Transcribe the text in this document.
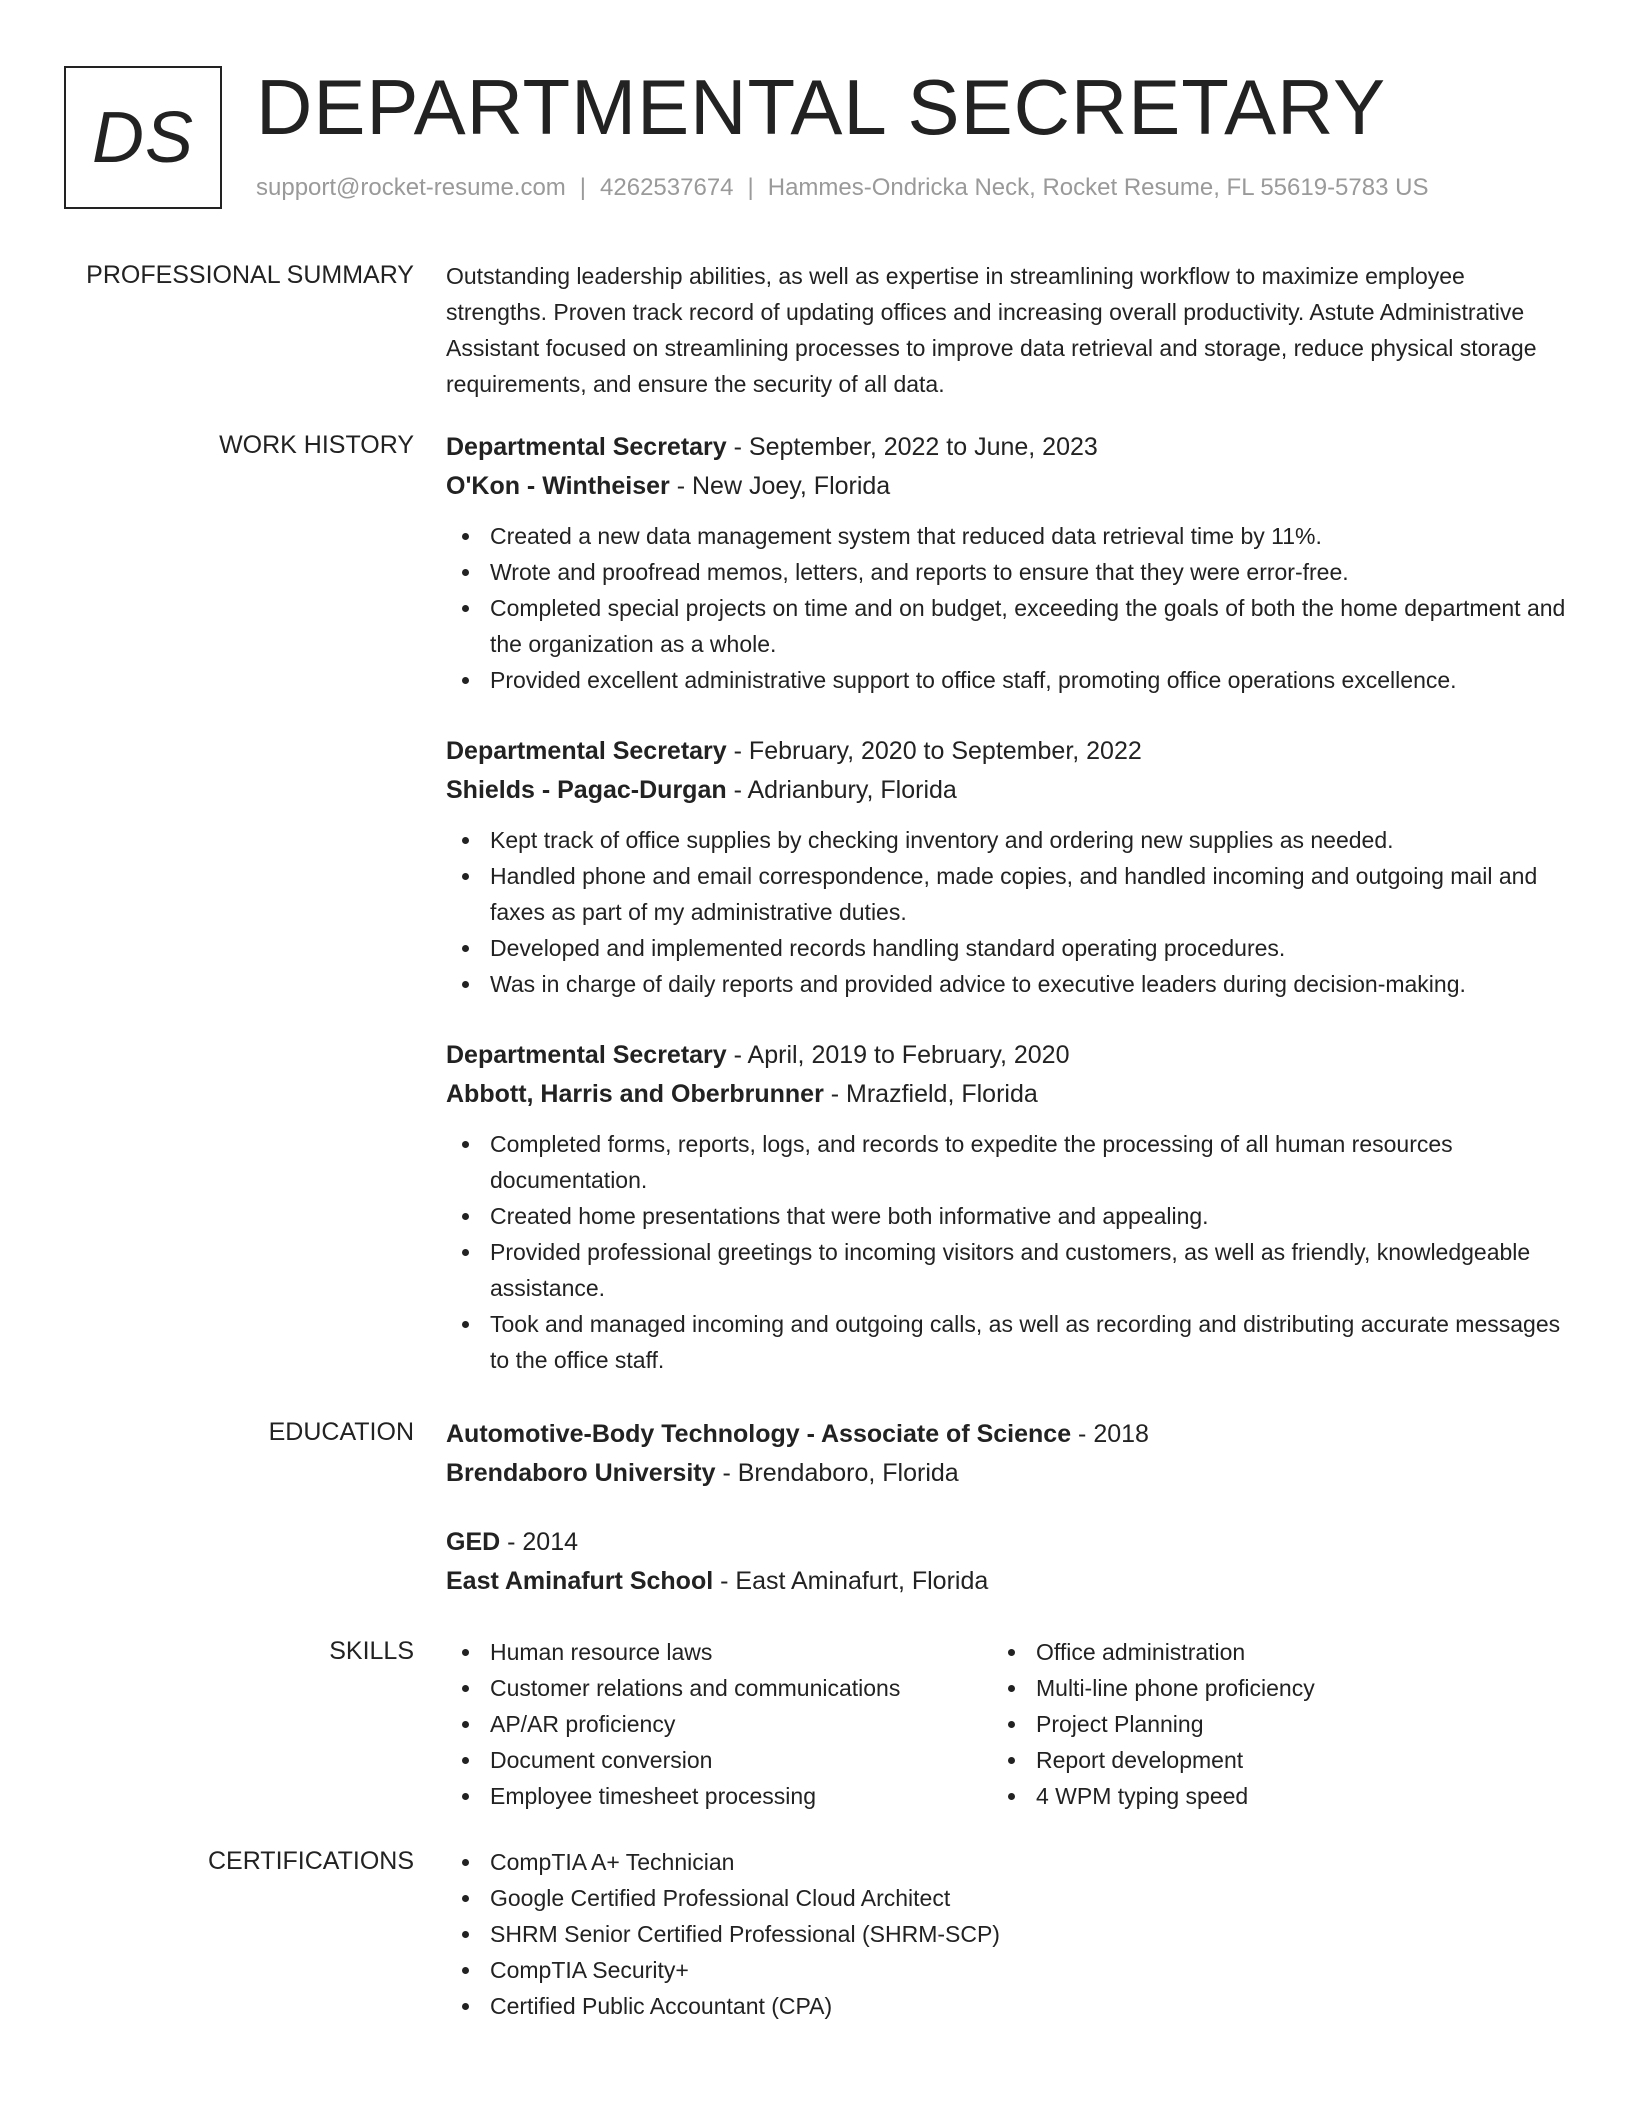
DS DEPARTMENTAL SECRETARY
support@rocket-resume.com | 4262537674 | Hammes-Ondricka Neck, Rocket Resume, FL 55619-5783 US
PROFESSIONAL SUMMARY Outstanding leadership abilities, as well as expertise in streamlining workflow to maximize employee strengths. Proven track record of updating offices and increasing overall productivity. Astute Administrative Assistant focused on streamlining processes to improve data retrieval and storage, reduce physical storage requirements, and ensure the security of all data.
WORK HISTORY Departmental Secretary - September, 2022 to June, 2023
O'Kon - Wintheiser - New Joey, Florida
Created a new data management system that reduced data retrieval time by 11%.
Wrote and proofread memos, letters, and reports to ensure that they were error-free.
Completed special projects on time and on budget, exceeding the goals of both the home department and the organization as a whole.
Provided excellent administrative support to office staff, promoting office operations excellence.
Departmental Secretary - February, 2020 to September, 2022
Shields - Pagac-Durgan - Adrianbury, Florida
Kept track of office supplies by checking inventory and ordering new supplies as needed.
Handled phone and email correspondence, made copies, and handled incoming and outgoing mail and faxes as part of my administrative duties.
Developed and implemented records handling standard operating procedures.
Was in charge of daily reports and provided advice to executive leaders during decision-making.
Departmental Secretary - April, 2019 to February, 2020
Abbott, Harris and Oberbrunner - Mrazfield, Florida
Completed forms, reports, logs, and records to expedite the processing of all human resources documentation.
Created home presentations that were both informative and appealing.
Provided professional greetings to incoming visitors and customers, as well as friendly, knowledgeable assistance.
Took and managed incoming and outgoing calls, as well as recording and distributing accurate messages to the office staff.
EDUCATION Automotive-Body Technology - Associate of Science - 2018
Brendaboro University - Brendaboro, Florida
GED - 2014
East Aminafurt School - East Aminafurt, Florida
SKILLS	Human resource laws
Customer relations and communications
AP/AR proficiency
Document conversion
Employee timesheet processing
Office administration
Multi-line phone proficiency
Project Planning
Report development
4 WPM typing speed
CERTIFICATIONS	CompTIA A+ Technician
Google Certified Professional Cloud Architect
SHRM Senior Certified Professional (SHRM-SCP)
CompTIA Security+
Certified Public Accountant (CPA)
